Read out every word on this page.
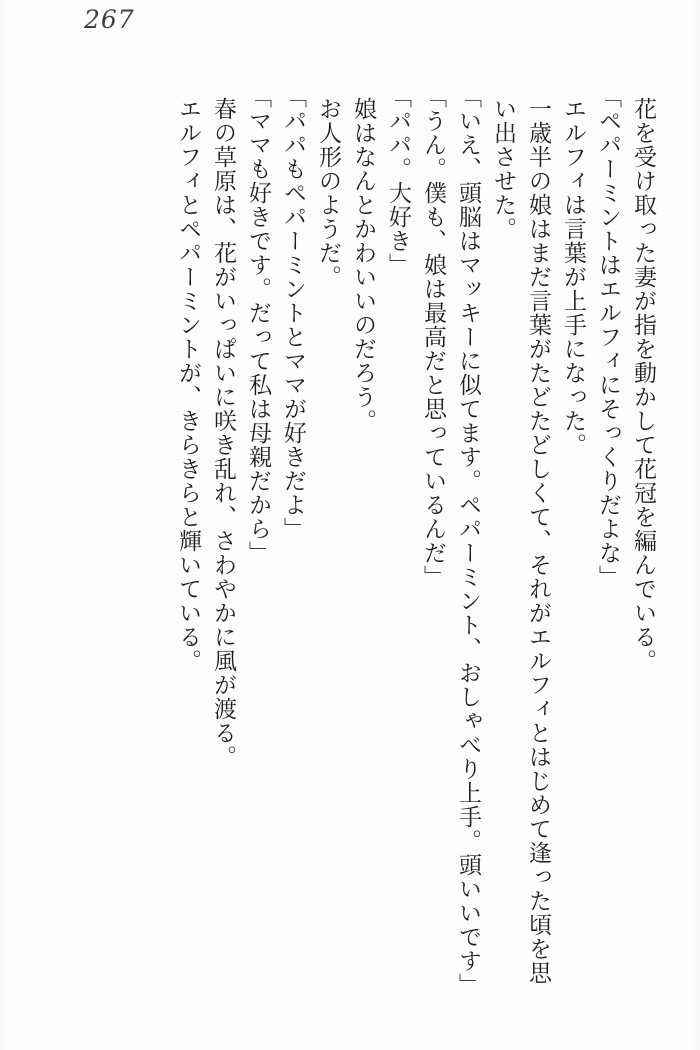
267

花を受け取った妻が指を動かして花冠を編んでいる。

「ペパーミントはエルフィにそっくりだよな」

エルフィは言葉が上手になった。

一歳半の娘はまだ言葉がたどたどしくて、それがエルフィとはじめて逢った頃を思

い出させた。

「いえ、頭脳はマッキーに似てます。ペパーミント、おしゃべり上手。頭いいです」

「うん。僕も、娘は最高だと思っているんだ」

「パパ。大好き」

娘はなんとかわいいのだろう。

お人形のようだ。

「パパもペパーミントとママが好きだよ」

「ママも好きです。だって私は母親だから」

春の草原は、花がいっぱいに咲き乱れ、さわやかに風が渡る。

エルフィとペパーミントが、きらきらと輝いている。
